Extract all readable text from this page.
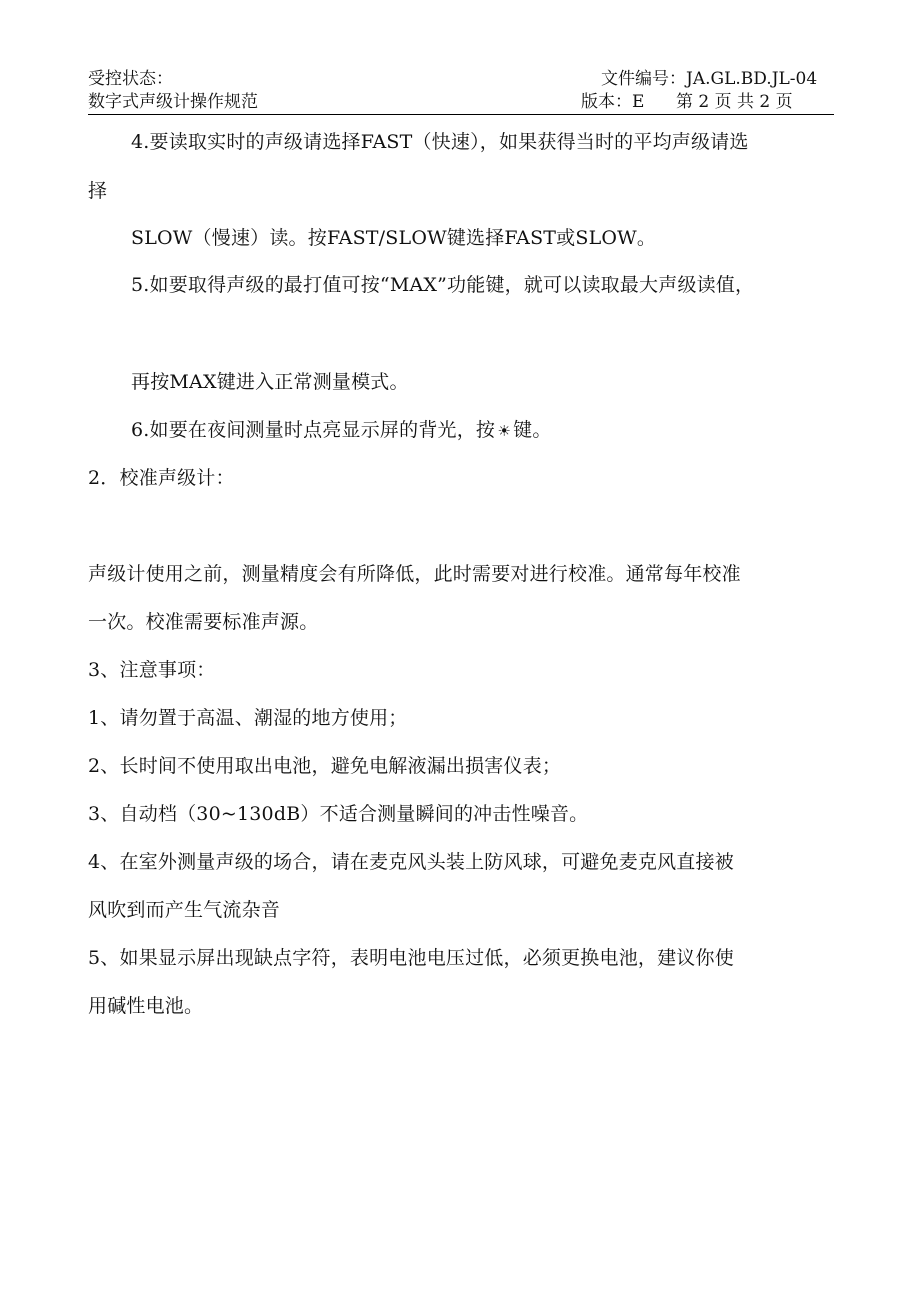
受控状态：	文件编号：JA.GL.BD.JL-04
数字式声级计操作规范	版本：E 第 2 页 共 2 页
4.要读取实时的声级请选择FAST（快速），如果获得当时的平均声级请选
择
SLOW（慢速）读。按FAST/SLOW键选择FAST或SLOW。
5.如要取得声级的最打值可按“MAX”功能键，就可以读取最大声级读值，
再按MAX键进入正常测量模式。
6.如要在夜间测量时点亮显示屏的背光，按 ☀ 键。
2．校准声级计：
声级计使用之前，测量精度会有所降低，此时需要对进行校准。通常每年校准
一次。校准需要标准声源。
3、注意事项：
1、请勿置于高温、潮湿的地方使用；
2、长时间不使用取出电池，避免电解液漏出损害仪表；
3、自动档（30~130dB）不适合测量瞬间的冲击性噪音。
4、在室外测量声级的场合，请在麦克风头装上防风球，可避免麦克风直接被
风吹到而产生气流杂音
5、如果显示屏出现缺点字符，表明电池电压过低，必须更换电池，建议你使
用碱性电池。
